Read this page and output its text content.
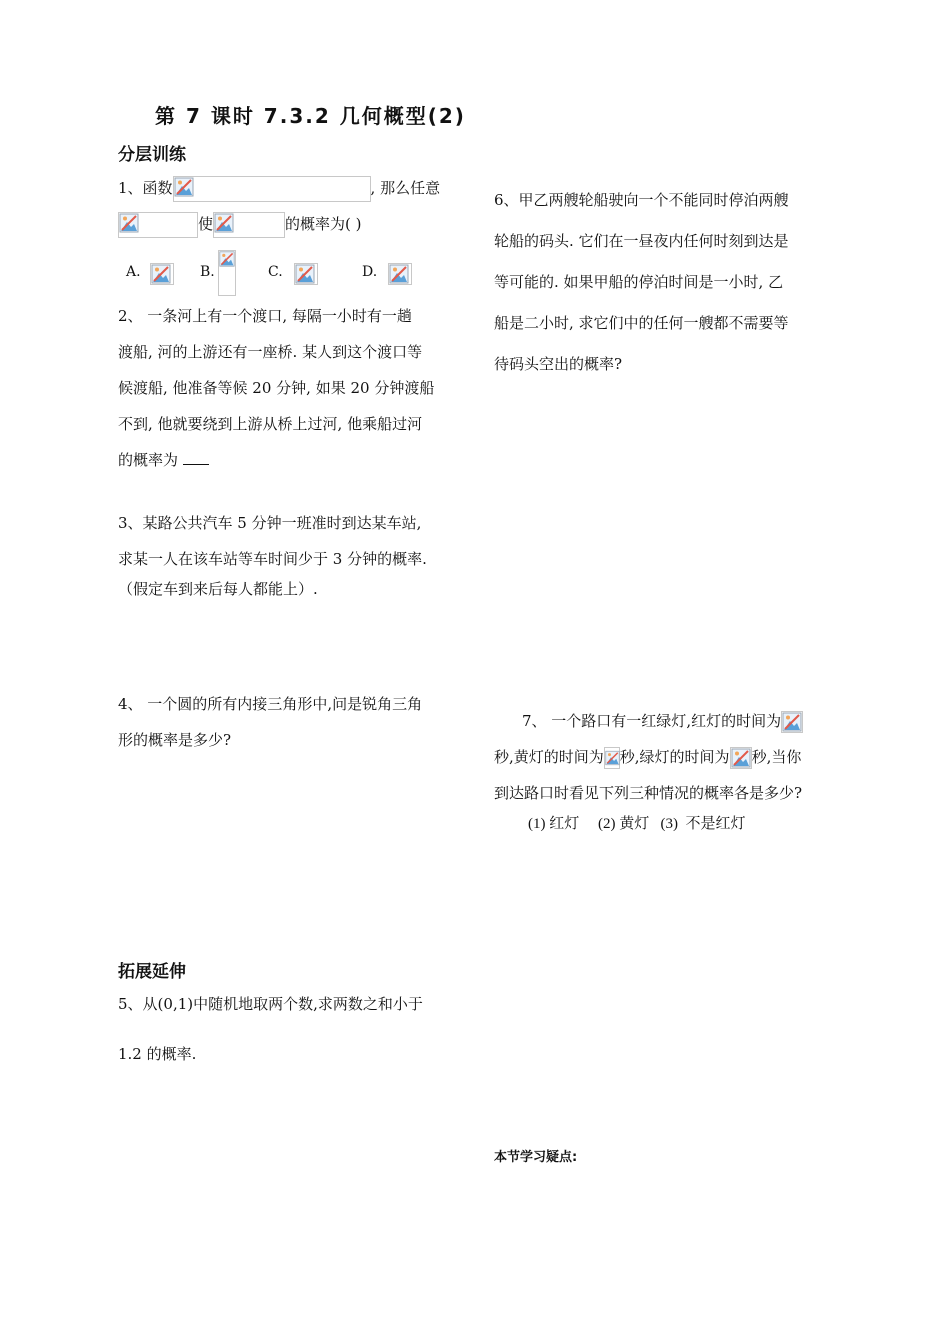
第 7 课时 7.3.2 几何概型(2)
分层训练
1、函数	, 那么任意
使	的概率为( )
A.	B.	C.	D.
2、 一条河上有一个渡口, 每隔一小时有一趟
渡船, 河的上游还有一座桥. 某人到这个渡口等
候渡船, 他准备等候 20 分钟, 如果 20 分钟渡船
不到, 他就要绕到上游从桥上过河, 他乘船过河
的概率为
3、某路公共汽车 5 分钟一班准时到达某车站,
求某一人在该车站等车时间少于 3 分钟的概率.
（假定车到来后每人都能上）.
4、 一个圆的所有内接三角形中,问是锐角三角
形的概率是多少?
拓展延伸
5、从(0,1)中随机地取两个数,求两数之和小于
1.2 的概率.
6、甲乙两艘轮船驶向一个不能同时停泊两艘
轮船的码头. 它们在一昼夜内任何时刻到达是
等可能的. 如果甲船的停泊时间是一小时, 乙
船是二小时, 求它们中的任何一艘都不需要等
待码头空出的概率?
7、 一个路口有一红绿灯,红灯的时间为
秒,黄灯的时间为 秒,绿灯的时间为 秒,当你
到达路口时看见下列三种情况的概率各是多少?
(1) 红灯     (2) 黄灯   (3)  不是红灯
本节学习疑点:
